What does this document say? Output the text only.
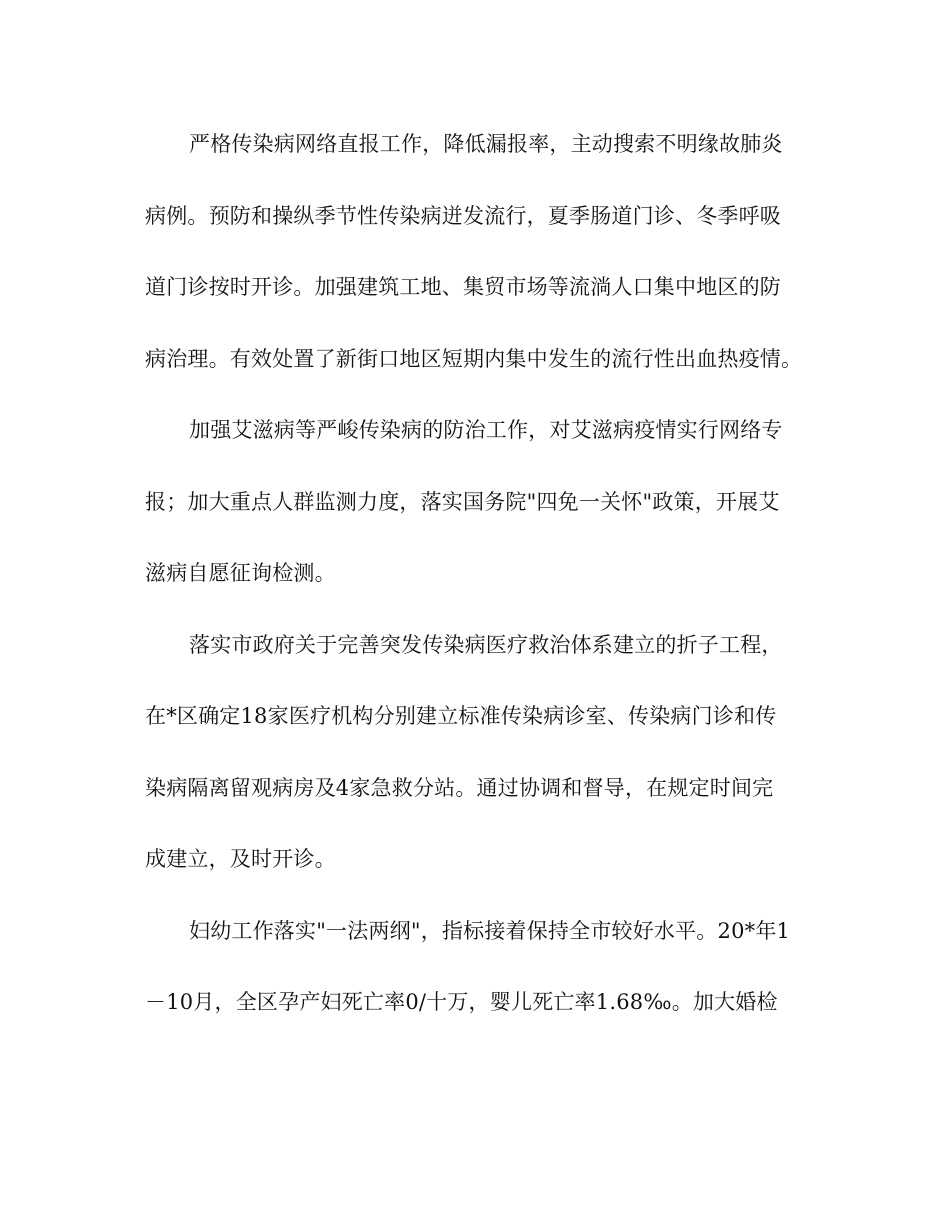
严格传染病网络直报工作，降低漏报率，主动搜索不明缘故肺炎
病例。预防和操纵季节性传染病迸发流行，夏季肠道门诊、冬季呼吸
道门诊按时开诊。加强建筑工地、集贸市场等流淌人口集中地区的防
病治理。有效处置了新街口地区短期内集中发生的流行性出血热疫情。
加强艾滋病等严峻传染病的防治工作，对艾滋病疫情实行网络专
报；加大重点人群监测力度，落实国务院"四免一关怀"政策，开展艾
滋病自愿征询检测。
落实市政府关于完善突发传染病医疗救治体系建立的折子工程，
在*区确定18家医疗机构分别建立标准传染病诊室、传染病门诊和传
染病隔离留观病房及4家急救分站。通过协调和督导，在规定时间完
成建立，及时开诊。
妇幼工作落实"一法两纲"，指标接着保持全市较好水平。20*年1
－10月，全区孕产妇死亡率0/十万，婴儿死亡率1.68‰。加大婚检
